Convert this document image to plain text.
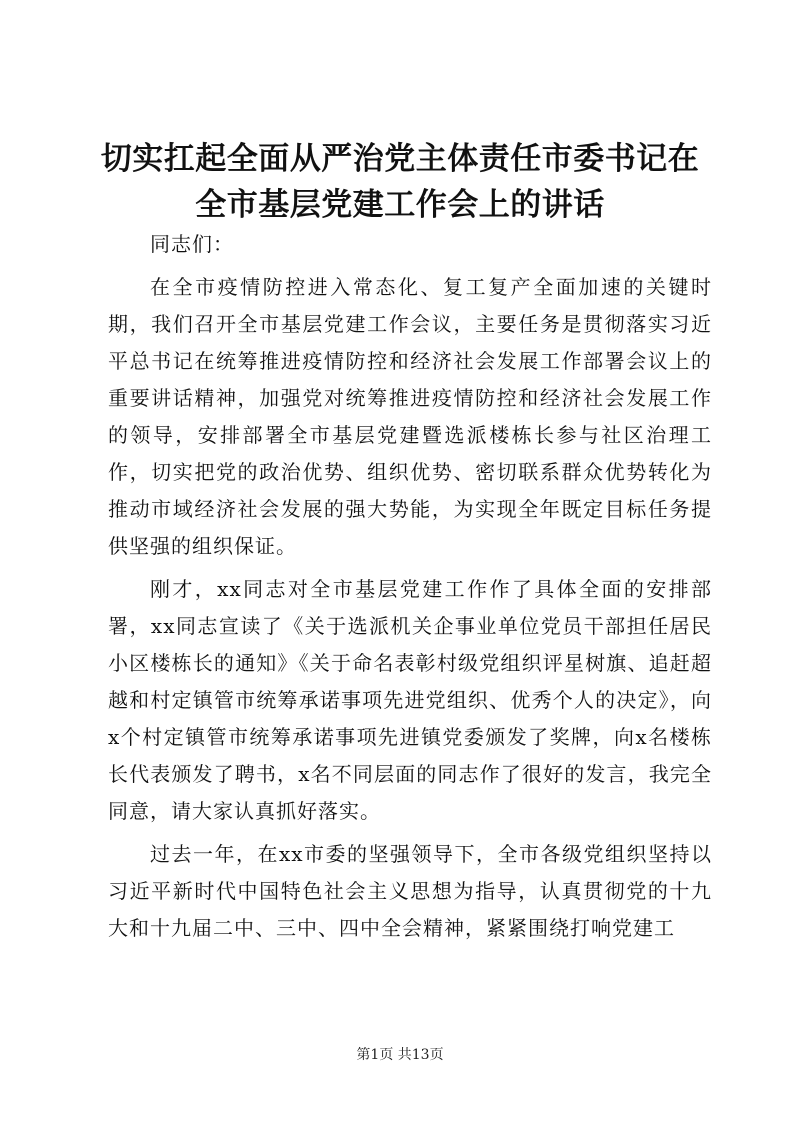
切实扛起全面从严治党主体责任市委书记在全市基层党建工作会上的讲话

同志们：

在全市疫情防控进入常态化、复工复产全面加速的关键时期，我们召开全市基层党建工作会议，主要任务是贯彻落实习近平总书记在统筹推进疫情防控和经济社会发展工作部署会议上的重要讲话精神，加强党对统筹推进疫情防控和经济社会发展工作的领导，安排部署全市基层党建暨选派楼栋长参与社区治理工作，切实把党的政治优势、组织优势、密切联系群众优势转化为推动市域经济社会发展的强大势能，为实现全年既定目标任务提供坚强的组织保证。

刚才，xx同志对全市基层党建工作作了具体全面的安排部署，xx同志宣读了《关于选派机关企事业单位党员干部担任居民小区楼栋长的通知》《关于命名表彰村级党组织评星树旗、追赶超越和村定镇管市统筹承诺事项先进党组织、优秀个人的决定》，向x个村定镇管市统筹承诺事项先进镇党委颁发了奖牌，向x名楼栋长代表颁发了聘书，x名不同层面的同志作了很好的发言，我完全同意，请大家认真抓好落实。

过去一年，在xx市委的坚强领导下，全市各级党组织坚持以习近平新时代中国特色社会主义思想为指导，认真贯彻党的十九大和十九届二中、三中、四中全会精神，紧紧围绕打响党建工

第1页 共13页
